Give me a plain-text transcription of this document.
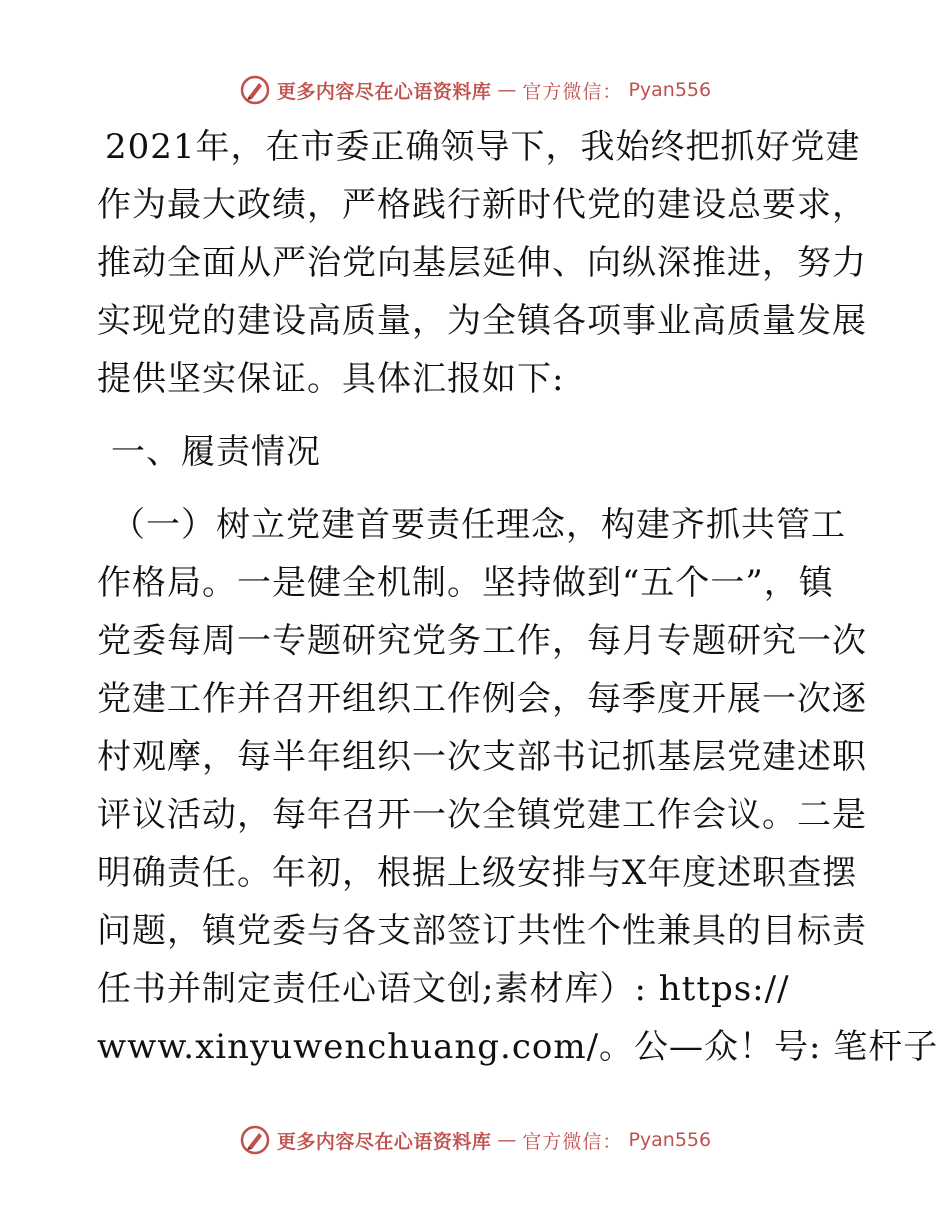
更多内容尽在心语资料库 — 官方微信： Pyan556
2021年，在市委正确领导下，我始终把抓好党建
作为最大政绩，严格践行新时代党的建设总要求，
推动全面从严治党向基层延伸、向纵深推进，努力
实现党的建设高质量，为全镇各项事业高质量发展
提供坚实保证。具体汇报如下:
一、履责情况
（一）树立党建首要责任理念，构建齐抓共管工
作格局。一是健全机制。坚持做到“五个一”，镇
党委每周一专题研究党务工作，每月专题研究一次
党建工作并召开组织工作例会，每季度开展一次逐
村观摩，每半年组织一次支部书记抓基层党建述职
评议活动，每年召开一次全镇党建工作会议。二是
明确责任。年初，根据上级安排与X年度述职查摆
问题，镇党委与各支部签订共性个性兼具的目标责
任书并制定责任心语文创;素材库）: https://
www.xinyuwenchuang.com/。公—众！号: 笔杆子
更多内容尽在心语资料库 — 官方微信： Pyan556
